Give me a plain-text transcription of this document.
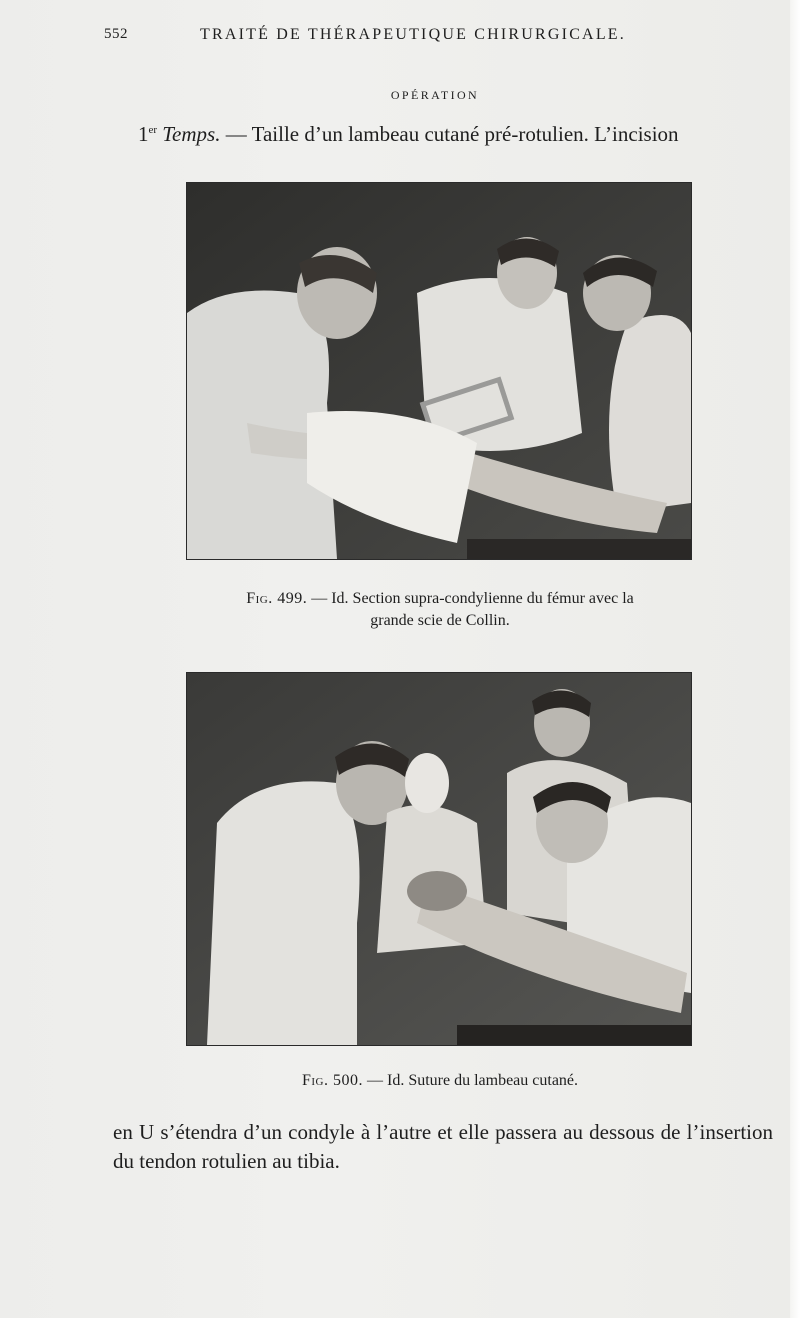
552	TRAITÉ DE THÉRAPEUTIQUE CHIRURGICALE.
OPÉRATION
1er Temps. — Taille d’un lambeau cutané pré-rotulien. L’incision
Fig. 499. — Id. Section supra-condylienne du fémur avec la
grande scie de Collin.
Fig. 500. — Id. Suture du lambeau cutané.
en U s’étendra d’un condyle à l’autre et elle passera au dessous de l’insertion du tendon rotulien au tibia.
